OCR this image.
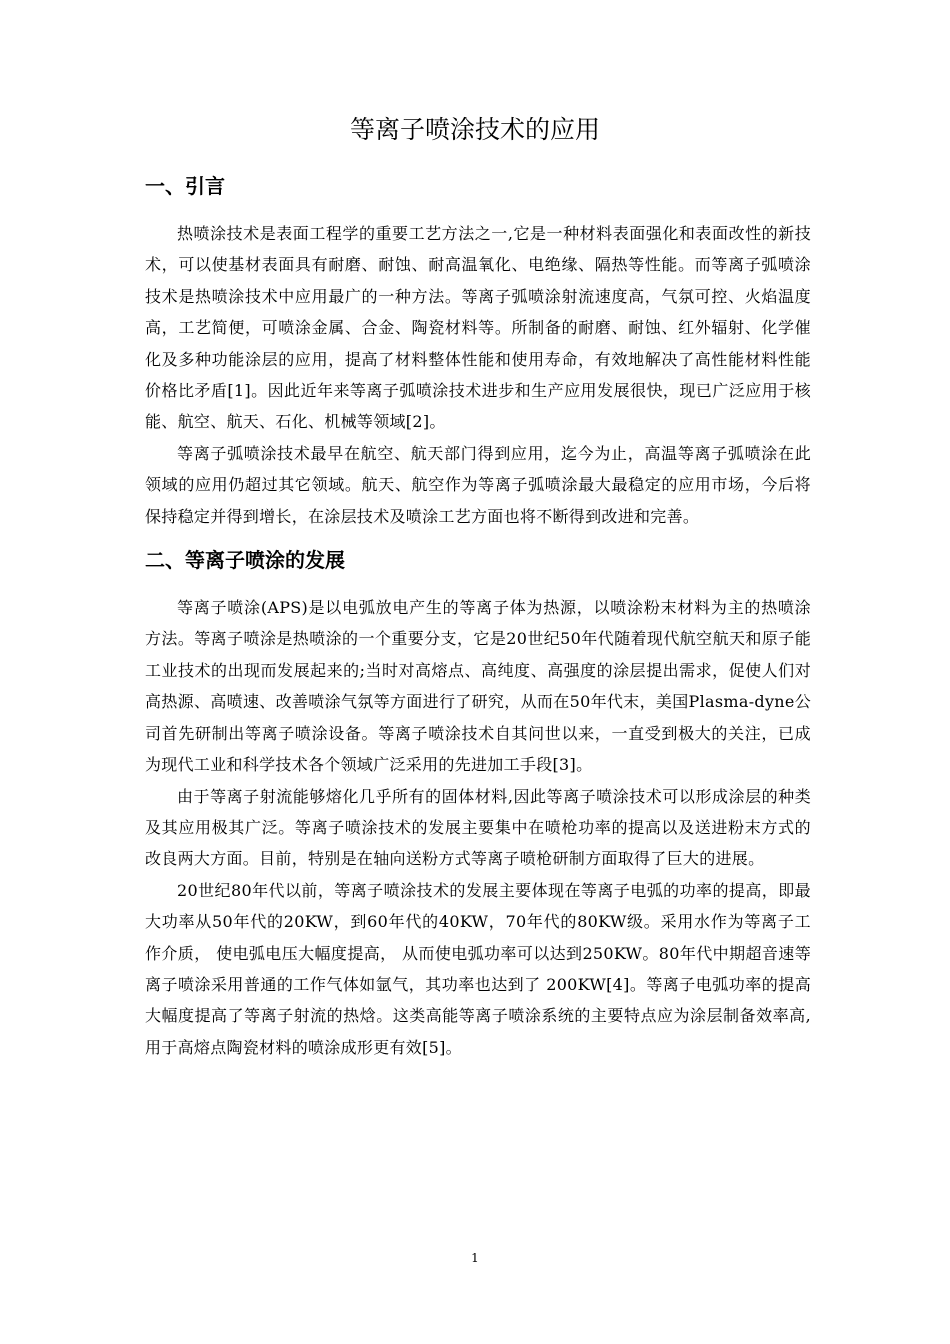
等离子喷涂技术的应用
一、引言

热喷涂技术是表面工程学的重要工艺方法之一,它是一种材料表面强化和表面改性的新技术，可以使基材表面具有耐磨、耐蚀、耐高温氧化、电绝缘、隔热等性能。而等离子弧喷涂技术是热喷涂技术中应用最广的一种方法。等离子弧喷涂射流速度高，气氛可控、火焰温度高，工艺简便，可喷涂金属、合金、陶瓷材料等。所制备的耐磨、耐蚀、红外辐射、化学催化及多种功能涂层的应用，提高了材料整体性能和使用寿命，有效地解决了高性能材料性能价格比矛盾[1]。因此近年来等离子弧喷涂技术进步和生产应用发展很快，现已广泛应用于核能、航空、航天、石化、机械等领域[2]。

等离子弧喷涂技术最早在航空、航天部门得到应用，迄今为止，高温等离子弧喷涂在此领域的应用仍超过其它领域。航天、航空作为等离子弧喷涂最大最稳定的应用市场，今后将保持稳定并得到增长，在涂层技术及喷涂工艺方面也将不断得到改进和完善。

二、等离子喷涂的发展

等离子喷涂(APS)是以电弧放电产生的等离子体为热源，以喷涂粉末材料为主的热喷涂方法。等离子喷涂是热喷涂的一个重要分支，它是20世纪50年代随着现代航空航天和原子能工业技术的出现而发展起来的;当时对高熔点、高纯度、高强度的涂层提出需求，促使人们对高热源、高喷速、改善喷涂气氛等方面进行了研究，从而在50年代末，美国Plasma-dyne公司首先研制出等离子喷涂设备。等离子喷涂技术自其问世以来，一直受到极大的关注，已成为现代工业和科学技术各个领域广泛采用的先进加工手段[3]。

由于等离子射流能够熔化几乎所有的固体材料,因此等离子喷涂技术可以形成涂层的种类及其应用极其广泛。等离子喷涂技术的发展主要集中在喷枪功率的提高以及送进粉末方式的改良两大方面。目前，特别是在轴向送粉方式等离子喷枪研制方面取得了巨大的进展。

20世纪80年代以前，等离子喷涂技术的发展主要体现在等离子电弧的功率的提高，即最大功率从50年代的20KW，到60年代的40KW，70年代的80KW级。采用水作为等离子工作介质， 使电弧电压大幅度提高， 从而使电弧功率可以达到250KW。80年代中期超音速等离子喷涂采用普通的工作气体如氩气，其功率也达到了 200KW[4]。等离子电弧功率的提高大幅度提高了等离子射流的热焓。这类高能等离子喷涂系统的主要特点应为涂层制备效率高,用于高熔点陶瓷材料的喷涂成形更有效[5]。

1
